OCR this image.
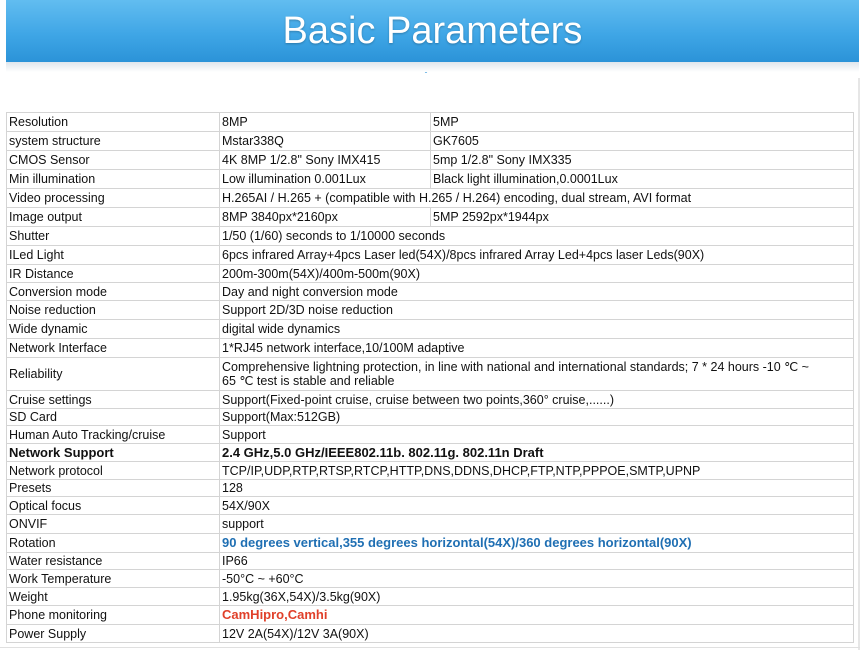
Basic Parameters
Resolution	8MP	5MP
system structure	Mstar338Q	GK7605
CMOS Sensor	4K 8MP 1/2.8" Sony IMX415	5mp 1/2.8" Sony IMX335
Min illumination	Low illumination 0.001Lux	Black light illumination,0.0001Lux
Video processing	H.265AI / H.265 + (compatible with H.265 / H.264) encoding, dual stream, AVI format	
Image output	8MP 3840px*2160px	5MP 2592px*1944px
Shutter	1/50 (1/60) seconds to 1/10000 seconds	
ILed Light	6pcs infrared Array+4pcs Laser led(54X)/8pcs infrared Array Led+4pcs laser Leds(90X)	
IR Distance	200m-300m(54X)/400m-500m(90X)	
Conversion mode	Day and night conversion mode	
Noise reduction	Support 2D/3D noise reduction	
Wide dynamic	digital wide dynamics	
Network Interface	1*RJ45 network interface,10/100M adaptive	
Reliability	Comprehensive lightning protection, in line with national and international standards; 7 * 24 hours -10 ℃ ~ 65 ℃ test is stable and reliable	
Cruise settings	Support(Fixed-point cruise, cruise between two points,360° cruise,......)	
SD Card	Support(Max:512GB)	
Human Auto Tracking/cruise	Support	
Network Support	2.4 GHz,5.0 GHz/IEEE802.11b. 802.11g. 802.11n Draft	
Network protocol	TCP/IP,UDP,RTP,RTSP,RTCP,HTTP,DNS,DDNS,DHCP,FTP,NTP,PPPOE,SMTP,UPNP	
Presets	128	
Optical focus	54X/90X	
ONVIF	support	
Rotation	90 degrees vertical,355 degrees horizontal(54X)/360 degrees horizontal(90X)	
Water resistance	IP66	
Work Temperature	-50°C ~ +60°C	
Weight	1.95kg(36X,54X)/3.5kg(90X)	
Phone monitoring	CamHipro,Camhi	
Power Supply	12V 2A(54X)/12V 3A(90X)	
